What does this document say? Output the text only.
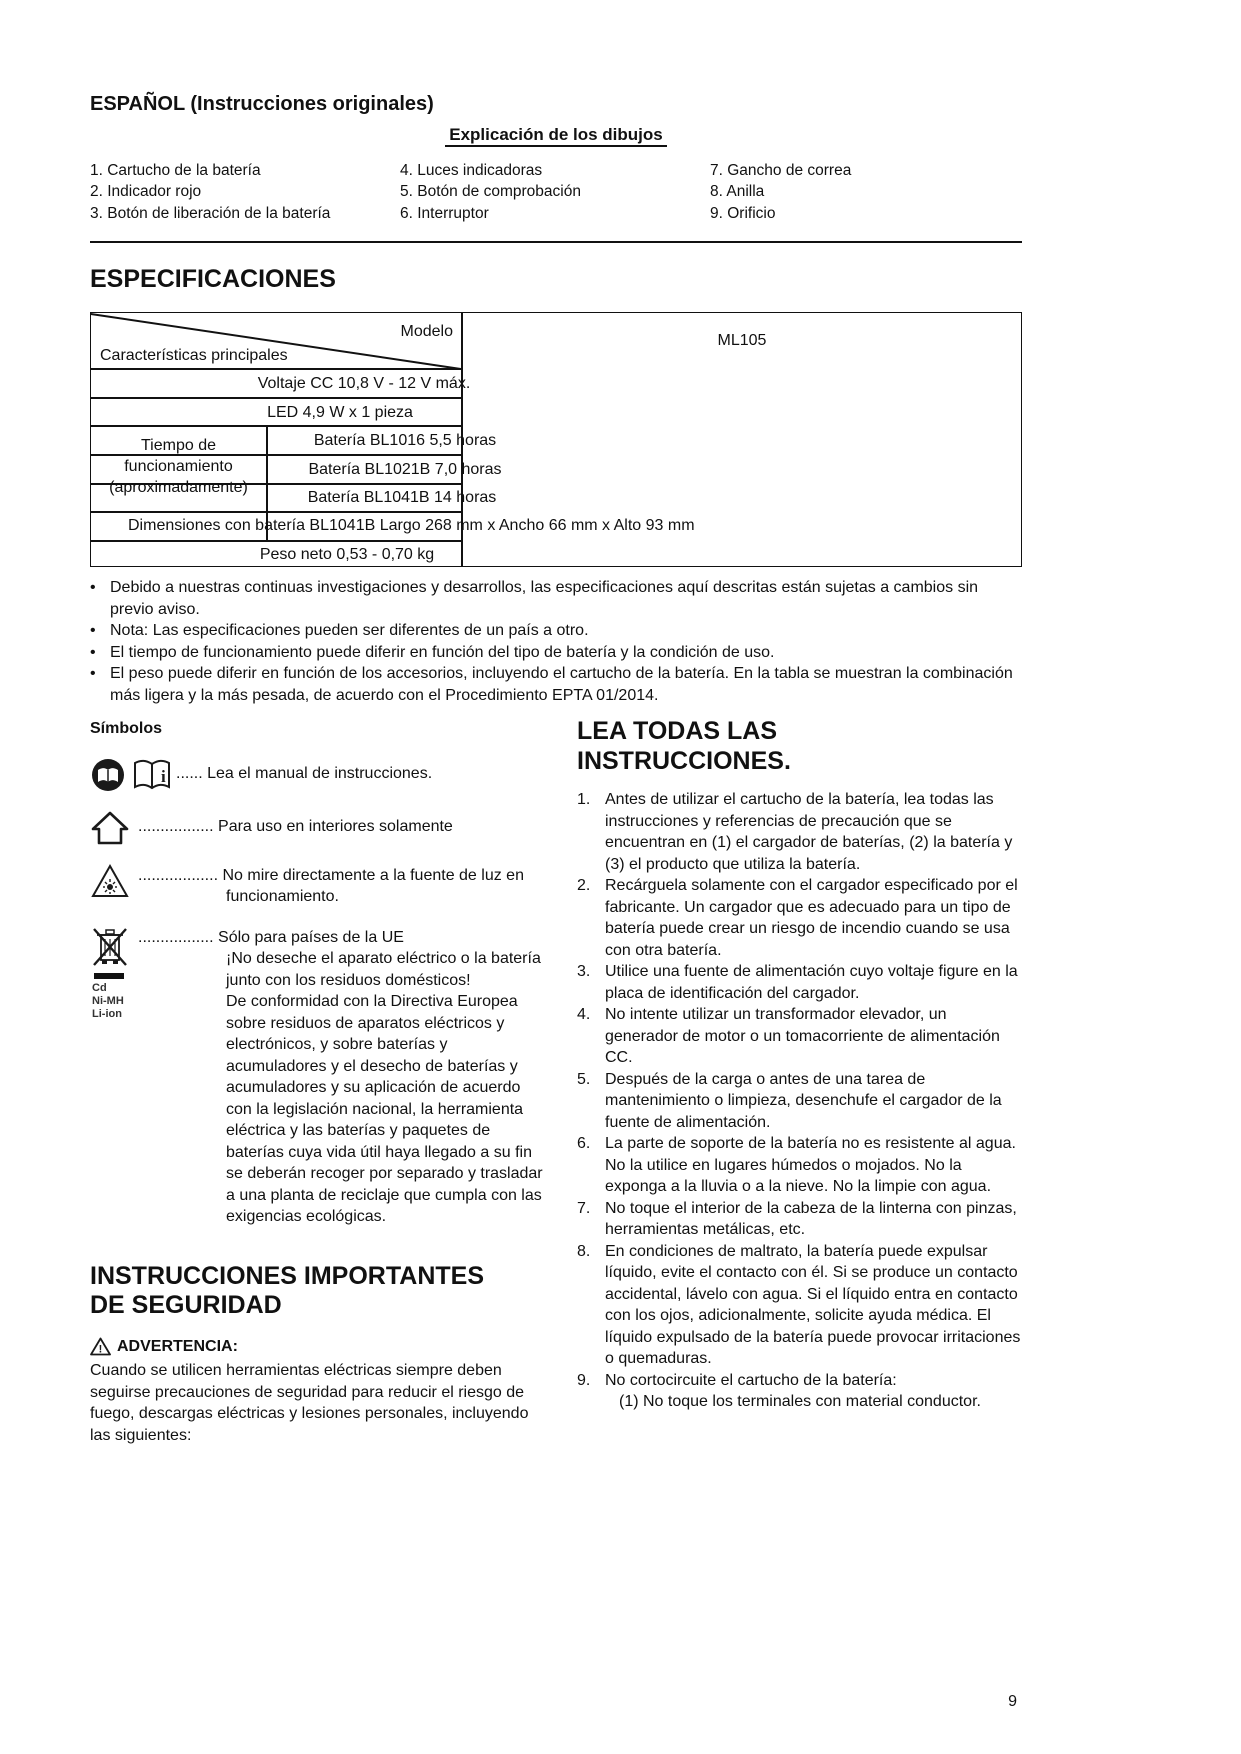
ESPAÑOL (Instrucciones originales)
Explicación de los dibujos
1. Cartucho de la batería
2. Indicador rojo
3. Botón de liberación de la batería
4. Luces indicadoras
5. Botón de comprobación
6. Interruptor
7. Gancho de correa
8. Anilla
9. Orificio
ESPECIFICACIONES
Modelo
Características principales
ML105
Voltaje CC 10,8 V - 12 V máx.
LED 4,9 W x 1 pieza
Tiempo de funcionamiento (aproximadamente)
Batería BL1016 5,5 horas
Batería BL1021B 7,0 horas
Batería BL1041B 14 horas
Dimensiones con batería BL1041B Largo 268 mm x Ancho 66 mm x Alto 93 mm
Peso neto 0,53 - 0,70 kg
• Debido a nuestras continuas investigaciones y desarrollos, las especificaciones aquí descritas están sujetas a cambios sin previo aviso.
• Nota: Las especificaciones pueden ser diferentes de un país a otro.
• El tiempo de funcionamiento puede diferir en función del tipo de batería y la condición de uso.
• El peso puede diferir en función de los accesorios, incluyendo el cartucho de la batería. En la tabla se muestran la combinación más ligera y la más pesada, de acuerdo con el Procedimiento EPTA 01/2014.
Símbolos
i ...... Lea el manual de instrucciones.
................. Para uso en interiores solamente
.................. No mire directamente a la fuente de luz en funcionamiento.
Cd
Ni-MH
Li-ion
................. Sólo para países de la UE
¡No deseche el aparato eléctrico o la batería junto con los residuos domésticos!
De conformidad con la Directiva Europea sobre residuos de aparatos eléctricos y electrónicos, y sobre baterías y acumuladores y el desecho de baterías y acumuladores y su aplicación de acuerdo con la legislación nacional, la herramienta eléctrica y las baterías y paquetes de baterías cuya vida útil haya llegado a su fin se deberán recoger por separado y trasladar a una planta de reciclaje que cumpla con las exigencias ecológicas.
INSTRUCCIONES IMPORTANTES DE SEGURIDAD
! ADVERTENCIA:
Cuando se utilicen herramientas eléctricas siempre deben seguirse precauciones de seguridad para reducir el riesgo de fuego, descargas eléctricas y lesiones personales, incluyendo las siguientes:
LEA TODAS LAS INSTRUCCIONES.
1. Antes de utilizar el cartucho de la batería, lea todas las instrucciones y referencias de precaución que se encuentran en (1) el cargador de baterías, (2) la batería y (3) el producto que utiliza la batería.
2. Recárguela solamente con el cargador especificado por el fabricante. Un cargador que es adecuado para un tipo de batería puede crear un riesgo de incendio cuando se usa con otra batería.
3. Utilice una fuente de alimentación cuyo voltaje figure en la placa de identificación del cargador.
4. No intente utilizar un transformador elevador, un generador de motor o un tomacorriente de alimentación CC.
5. Después de la carga o antes de una tarea de mantenimiento o limpieza, desenchufe el cargador de la fuente de alimentación.
6. La parte de soporte de la batería no es resistente al agua. No la utilice en lugares húmedos o mojados. No la exponga a la lluvia o a la nieve. No la limpie con agua.
7. No toque el interior de la cabeza de la linterna con pinzas, herramientas metálicas, etc.
8. En condiciones de maltrato, la batería puede expulsar líquido, evite el contacto con él. Si se produce un contacto accidental, lávelo con agua. Si el líquido entra en contacto con los ojos, adicionalmente, solicite ayuda médica. El líquido expulsado de la batería puede provocar irritaciones o quemaduras.
9. No cortocircuite el cartucho de la batería:
(1) No toque los terminales con material conductor.
9
